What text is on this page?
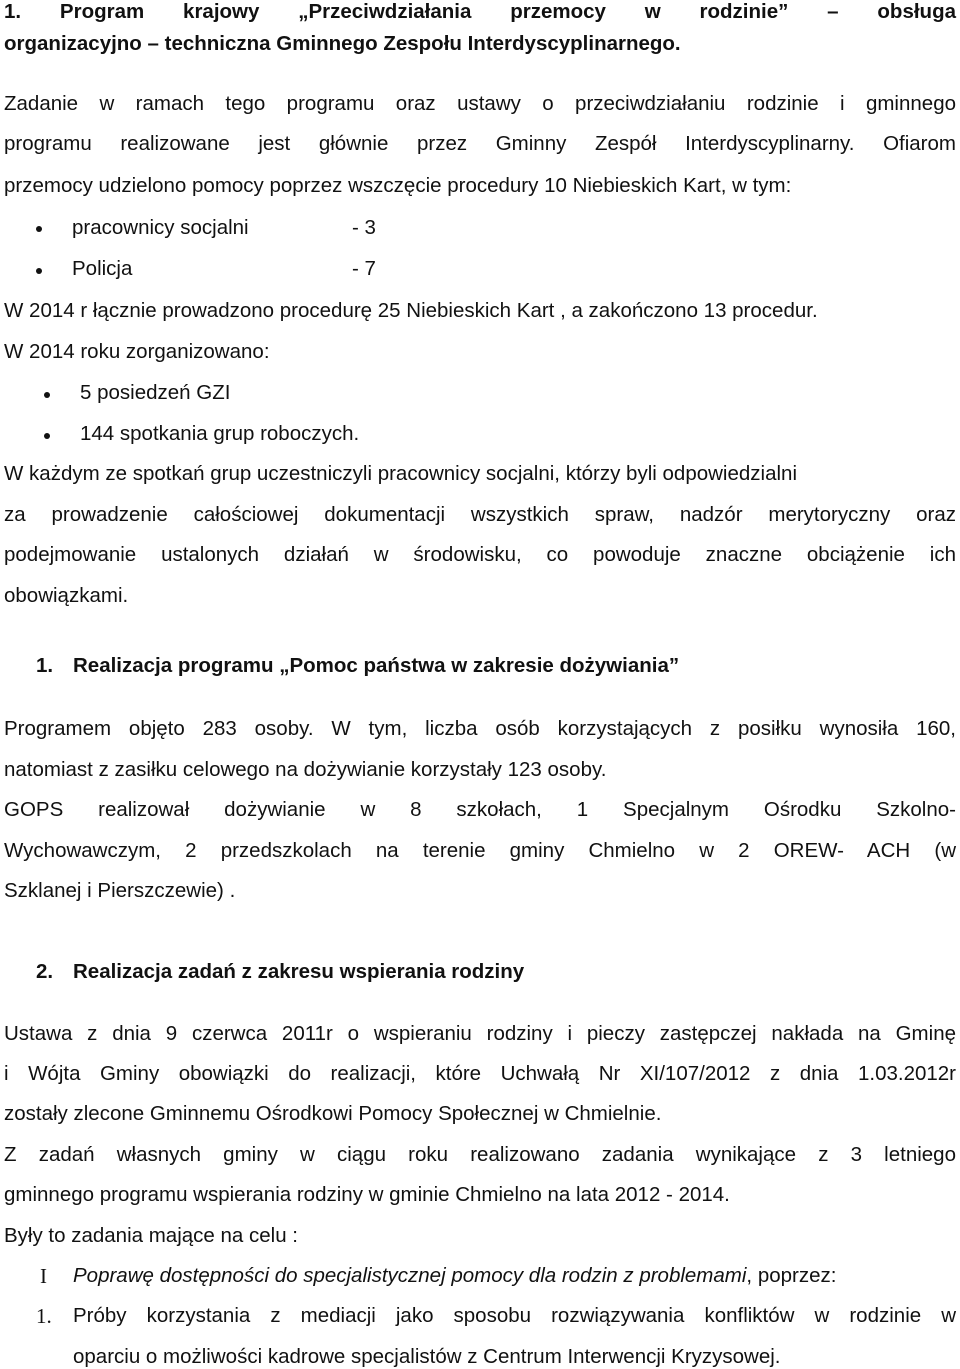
1. Program krajowy „Przeciwdziałania przemocy w rodzinie” – obsługa
organizacyjno – techniczna Gminnego Zespołu Interdyscyplinarnego.
Zadanie w ramach tego programu oraz ustawy o przeciwdziałaniu rodzinie i gminnego
programu realizowane jest głównie przez Gminny Zespół Interdyscyplinarny. Ofiarom
przemocy udzielono pomocy poprzez wszczęcie procedury 10 Niebieskich Kart, w tym:
pracownicy socjalni	- 3
Policja	- 7
W 2014 r łącznie prowadzono procedurę 25 Niebieskich Kart , a zakończono 13 procedur.
W 2014 roku zorganizowano:
5 posiedzeń GZI
144 spotkania grup roboczych.
W każdym ze spotkań grup uczestniczyli pracownicy socjalni, którzy byli odpowiedzialni
za prowadzenie całościowej dokumentacji wszystkich spraw, nadzór merytoryczny oraz
podejmowanie ustalonych działań w środowisku, co powoduje znaczne obciążenie ich
obowiązkami.
1. Realizacja programu „Pomoc państwa w zakresie dożywiania”
Programem objęto 283 osoby. W tym, liczba osób korzystających z posiłku wynosiła 160,
natomiast z zasiłku celowego na dożywianie korzystały 123 osoby.
GOPS realizował dożywianie w 8 szkołach, 1 Specjalnym Ośrodku Szkolno-
Wychowawczym, 2 przedszkolach na terenie gminy Chmielno w 2 OREW- ACH (w
Szklanej i Pierszczewie) .
2. Realizacja zadań z zakresu wspierania rodziny
Ustawa z dnia 9 czerwca 2011r o wspieraniu rodziny i pieczy zastępczej nakłada na Gminę
i Wójta Gminy obowiązki do realizacji, które Uchwałą Nr XI/107/2012 z dnia 1.03.2012r
zostały zlecone Gminnemu Ośrodkowi Pomocy Społecznej w Chmielnie.
Z zadań własnych gminy w ciągu roku realizowano zadania wynikające z 3 letniego
gminnego programu wspierania rodziny w gminie Chmielno na lata 2012 - 2014.
Były to zadania mające na celu :
I Poprawę dostępności do specjalistycznej pomocy dla rodzin z problemami, poprzez:
1. Próby korzystania z mediacji jako sposobu rozwiązywania konfliktów w rodzinie w
oparciu o możliwości kadrowe specjalistów z Centrum Interwencji Kryzysowej.
